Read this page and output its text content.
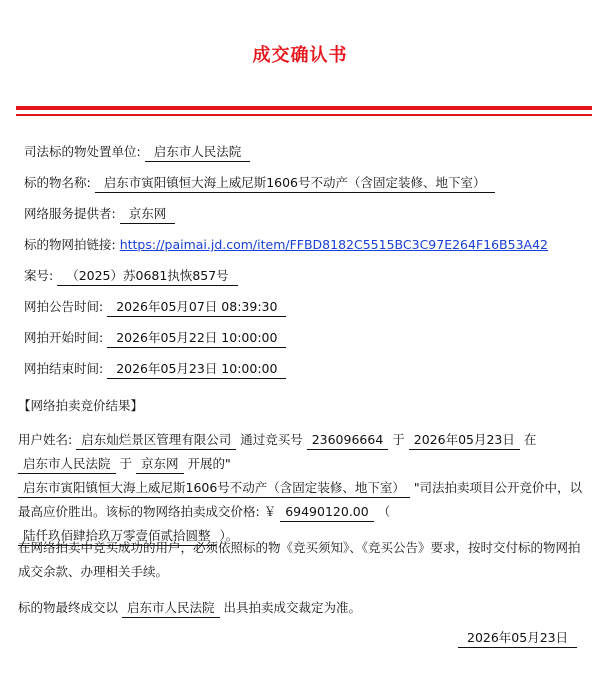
成交确认书
司法标的物处置单位: 启东市人民法院
标的物名称: 启东市寅阳镇恒大海上威尼斯1606号不动产（含固定装修、地下室）
网络服务提供者: 京东网
标的物网拍链接: https://paimai.jd.com/item/FFBD8182C5515BC3C97E264F16B53A42
案号: （2025）苏0681执恢857号
网拍公告时间: 2026年05月07日 08:39:30
网拍开始时间: 2026年05月22日 10:00:00
网拍结束时间: 2026年05月23日 10:00:00
【网络拍卖竞价结果】
用户姓名: 启东灿烂景区管理有限公司 通过竞买号 236096664 于 2026年05月23日 在 启东市人民法院 于 京东网 开展的" 启东市寅阳镇恒大海上威尼斯1606号不动产（含固定装修、地下室） "司法拍卖项目公开竞价中，以最高应价胜出。该标的物网络拍卖成交价格: ￥ 69490120.00 （ 陆仟玖佰肆拾玖万零壹佰贰拾圆整 ）。
在网络拍卖中竞买成功的用户，必须依照标的物《竞买须知》、《竞买公告》要求，按时交付标的物网拍成交余款、办理相关手续。
标的物最终成交以 启东市人民法院 出具拍卖成交裁定为准。
2026年05月23日
